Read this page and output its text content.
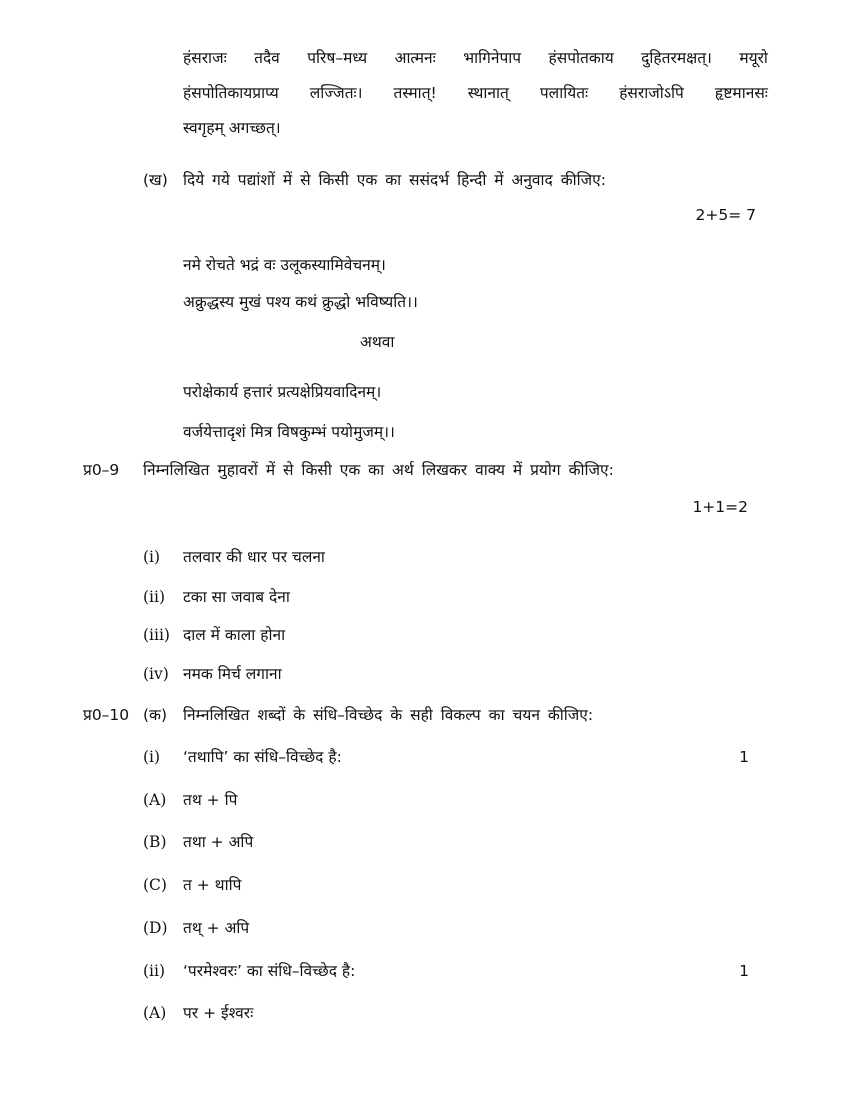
हंसराजः तदैव परिष–मध्य आत्मनः भागिनेपाप हंसपोतकाय दुहितरमक्षत्। मयूरो
हंसपोतिकायप्राप्य लज्जितः। तस्मात्! स्थानात् पलायितः हंसराजोऽपि हृष्टमानसः
स्वगृहम् अगच्छत्।
(ख) दिये गये पद्यांशों में से किसी एक का ससंदर्भ हिन्दी में अनुवाद कीजिए:
2+5= 7
नमे रोचते भद्रं वः उलूकस्यामिवेचनम्।
अक्रुद्धस्य मुखं पश्य कथं क्रुद्धो भविष्यति।।
अथवा
परोक्षेकार्य हत्तारं प्रत्यक्षेप्रियवादिनम्।
वर्जयेत्तादृशं मित्र विषकुम्भं पयोमुजम्।।
प्र0–9 निम्नलिखित मुहावरों में से किसी एक का अर्थ लिखकर वाक्य में प्रयोग कीजिए:
1+1=2
(i) तलवार की धार पर चलना
(ii) टका सा जवाब देना
(iii) दाल में काला होना
(iv) नमक मिर्च लगाना
प्र0–10 (क) निम्नलिखित शब्दों के संधि–विच्छेद के सही विकल्प का चयन कीजिए:
(i) ‘तथापि’ का संधि–विच्छेद है:	1
(A) तथ + पि
(B) तथा + अपि
(C) त + थापि
(D) तथ् + अपि
(ii) ‘परमेश्वरः’ का संधि–विच्छेद है:	1
(A) पर + ईश्वरः
